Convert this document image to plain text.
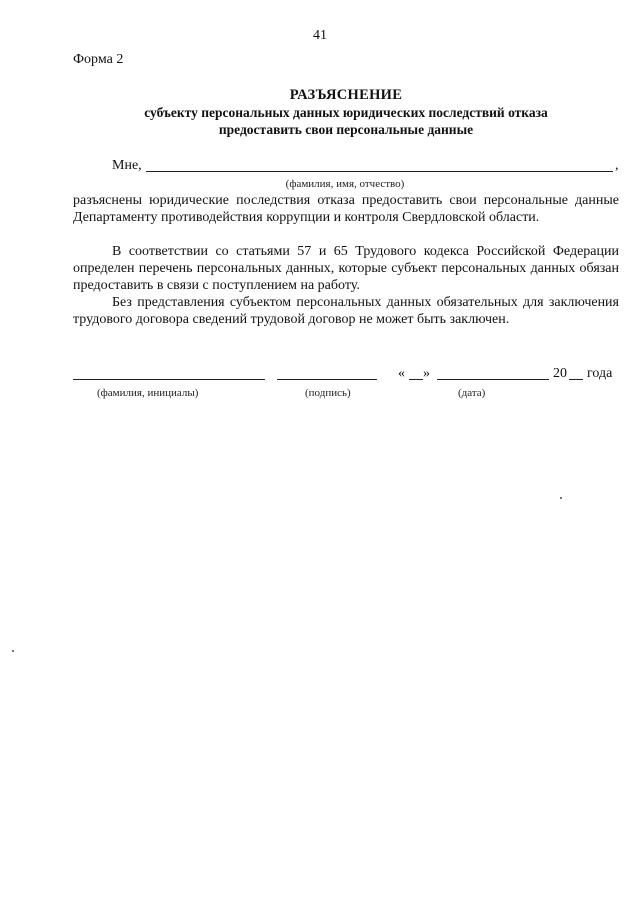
41
Форма 2
РАЗЪЯСНЕНИЕ
субъекту персональных данных юридических последствий отказа
предоставить свои персональные данные
Мне,	,
(фамилия, имя, отчество)
разъяснены юридические последствия отказа предоставить свои персональные данные Департаменту противодействия коррупции и контроля Свердловской области.
В соответствии со статьями 57 и 65 Трудового кодекса Российской Федерации определен перечень персональных данных, которые субъект персональных данных обязан предоставить в связи с поступлением на работу.
Без представления субъектом персональных данных обязательных для заключения трудового договора сведений трудовой договор не может быть заключен.
« »	20 года
(фамилия, инициалы)	(подпись)	(дата)
